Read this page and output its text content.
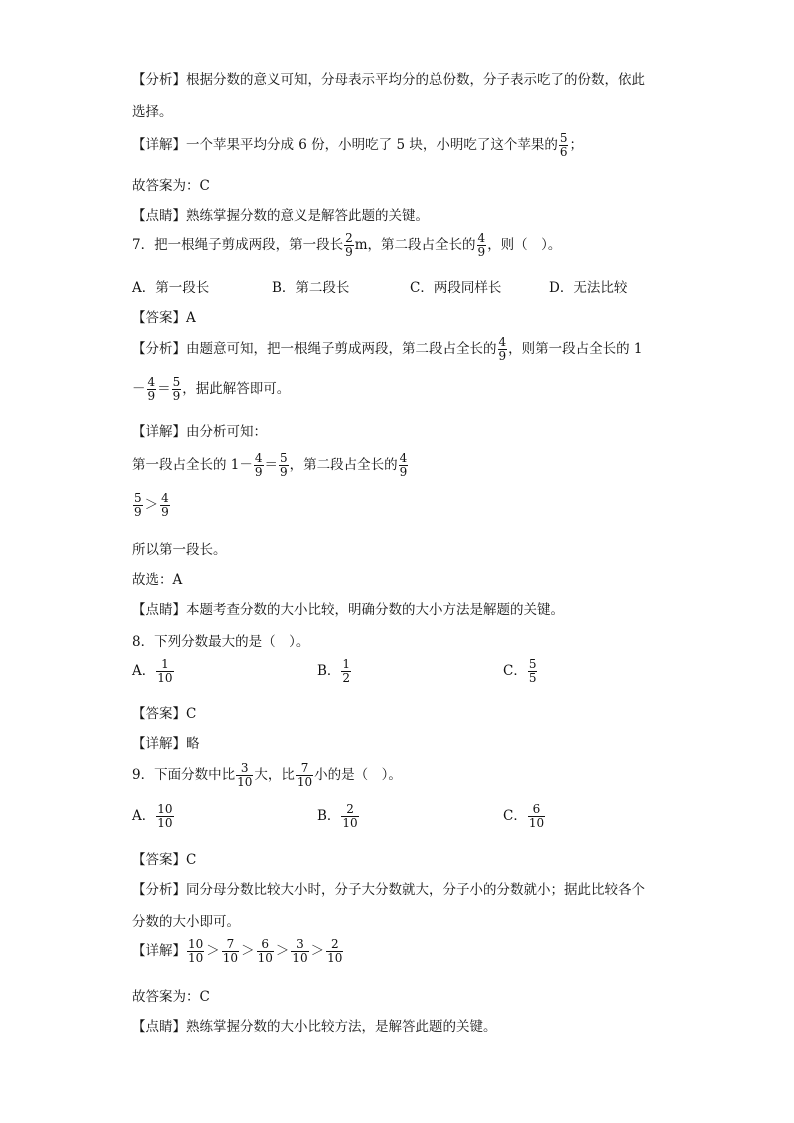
【分析】根据分数的意义可知，分母表示平均分的总份数，分子表示吃了的份数，依此
选择。
【详解】一个苹果平均分成 6 份，小明吃了 5 块，小明吃了这个苹果的 $\frac{5}{6}$ ；
故答案为：C
【点睛】熟练掌握分数的意义是解答此题的关键。
7．把一根绳子剪成两段，第一段长 $\frac{2}{9}$ m，第二段占全长的 $\frac{4}{9}$ ，则（　）。
A．第一段长	B．第二段长	C．两段同样长	D．无法比较
【答案】A
【分析】由题意可知，把一根绳子剪成两段，第二段占全长的 $\frac{4}{9}$ ，则第一段占全长的 1
－ $\frac{4}{9} = \frac{5}{9}$ ，据此解答即可。
【详解】由分析可知：
第一段占全长的 $1- \frac{4}{9} = \frac{5}{9}$ ，第二段占全长的 $\frac{4}{9}$
$\frac{5}{9} > \frac{4}{9}$
所以第一段长。
故选：A
【点睛】本题考查分数的大小比较，明确分数的大小方法是解题的关键。
8．下列分数最大的是（　）。
A． $\frac{1}{10}$	B． $\frac{1}{2}$	C． $\frac{5}{5}$
【答案】C
【详解】略
9．下面分数中比 $\frac{3}{10}$ 大，比 $\frac{7}{10}$ 小的是（　）。
A． $\frac{10}{10}$	B． $\frac{2}{10}$	C． $\frac{6}{10}$
【答案】C
【分析】同分母分数比较大小时，分子大分数就大，分子小的分数就小；据此比较各个
分数的大小即可。
【详解】 $\frac{10}{10} > \frac{7}{10} > \frac{6}{10} > \frac{3}{10} > \frac{2}{10}$
故答案为：C
【点睛】熟练掌握分数的大小比较方法，是解答此题的关键。
